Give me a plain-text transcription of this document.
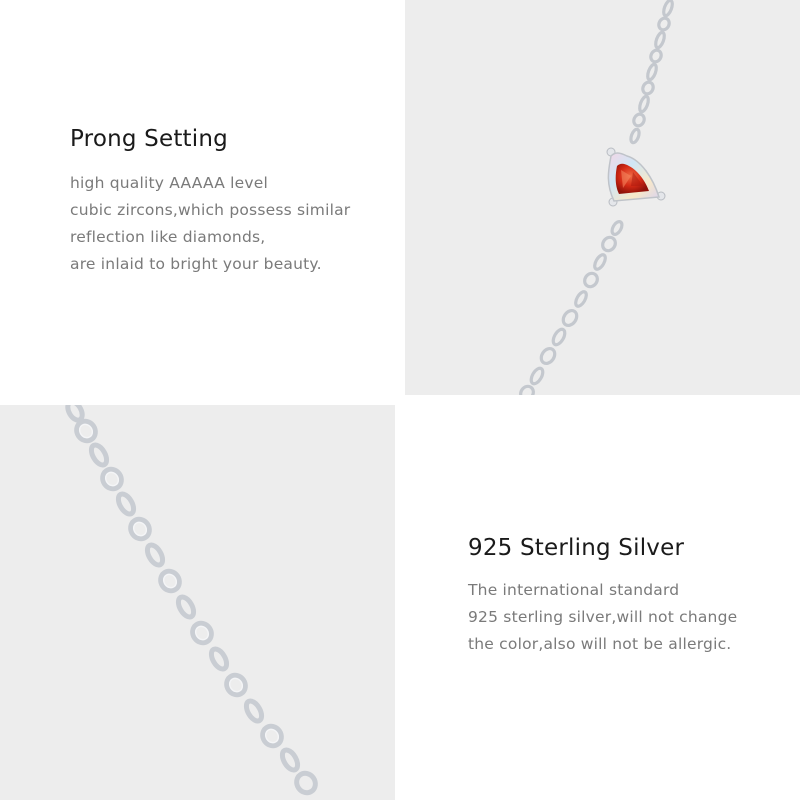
Prong Setting
high quality AAAAA level
cubic zircons,which possess similar
reflection like diamonds,
are inlaid to bright your beauty.
925 Sterling Silver
The international standard
925 sterling silver,will not change
the color,also will not be allergic.
